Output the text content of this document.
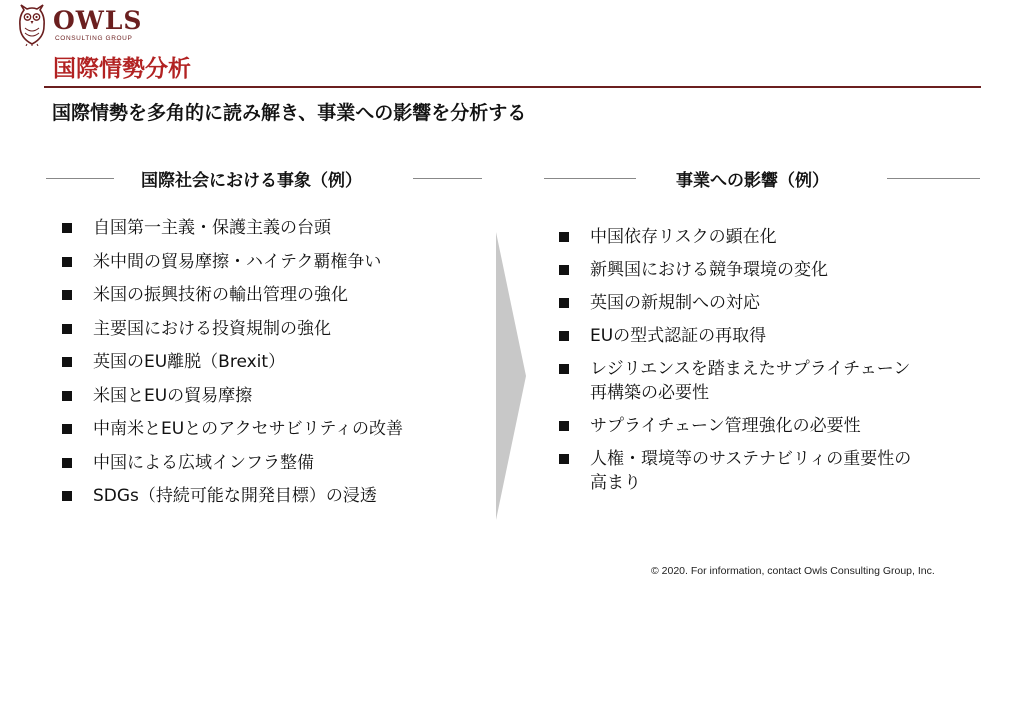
OWLS
CONSULTING GROUP
国際情勢分析
国際情勢を多角的に読み解き、事業への影響を分析する
国際社会における事象（例）	事業への影響（例）
自国第一主義・保護主義の台頭
米中間の貿易摩擦・ハイテク覇権争い
米国の振興技術の輸出管理の強化
主要国における投資規制の強化
英国のEU離脱（Brexit）
米国とEUの貿易摩擦
中南米とEUとのアクセサビリティの改善
中国による広域インフラ整備
SDGs（持続可能な開発目標）の浸透
中国依存リスクの顕在化
新興国における競争環境の変化
英国の新規制への対応
EUの型式認証の再取得
レジリエンスを踏まえたサプライチェーン
再構築の必要性
サプライチェーン管理強化の必要性
人権・環境等のサステナビリィの重要性の
高まり
© 2020. For information, contact Owls Consulting Group, Inc.
